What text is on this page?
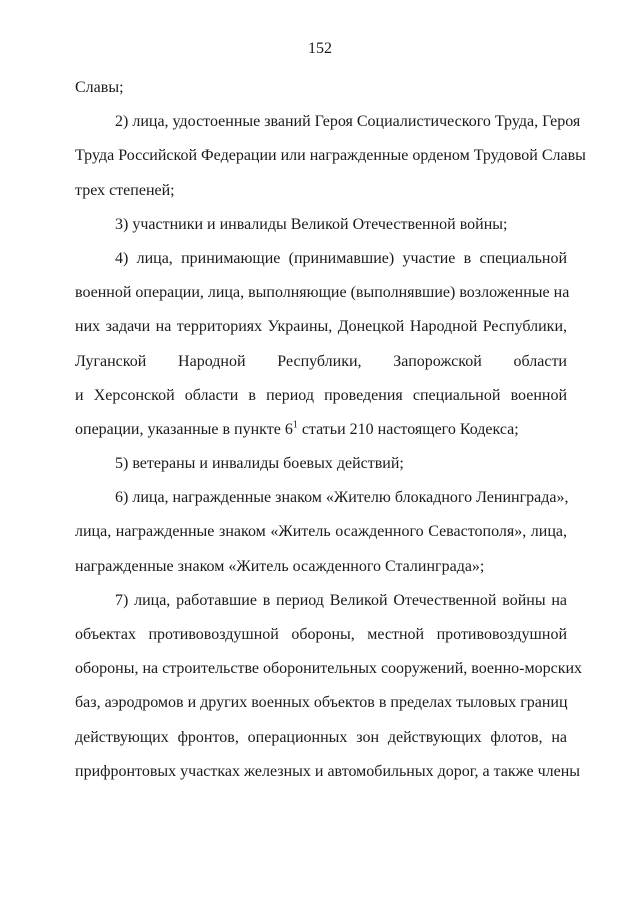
152
Славы;
2) лица, удостоенные званий Героя Социалистического Труда, Героя
Труда Российской Федерации или награжденные орденом Трудовой Славы
трех степеней;
3) участники и инвалиды Великой Отечественной войны;
4) лица, принимающие (принимавшие) участие в специальной
военной операции, лица, выполняющие (выполнявшие) возложенные на
них задачи на территориях Украины, Донецкой Народной Республики,
Луганской Народной Республики, Запорожской области
и Херсонской области в период проведения специальной военной
операции, указанные в пункте $6^1$ статьи 210 настоящего Кодекса;
5) ветераны и инвалиды боевых действий;
6) лица, награжденные знаком «Жителю блокадного Ленинграда»,
лица, награжденные знаком «Житель осажденного Севастополя», лица,
награжденные знаком «Житель осажденного Сталинграда»;
7) лица, работавшие в период Великой Отечественной войны на
объектах противовоздушной обороны, местной противовоздушной
обороны, на строительстве оборонительных сооружений, военно-морских
баз, аэродромов и других военных объектов в пределах тыловых границ
действующих фронтов, операционных зон действующих флотов, на
прифронтовых участках железных и автомобильных дорог, а также члены
